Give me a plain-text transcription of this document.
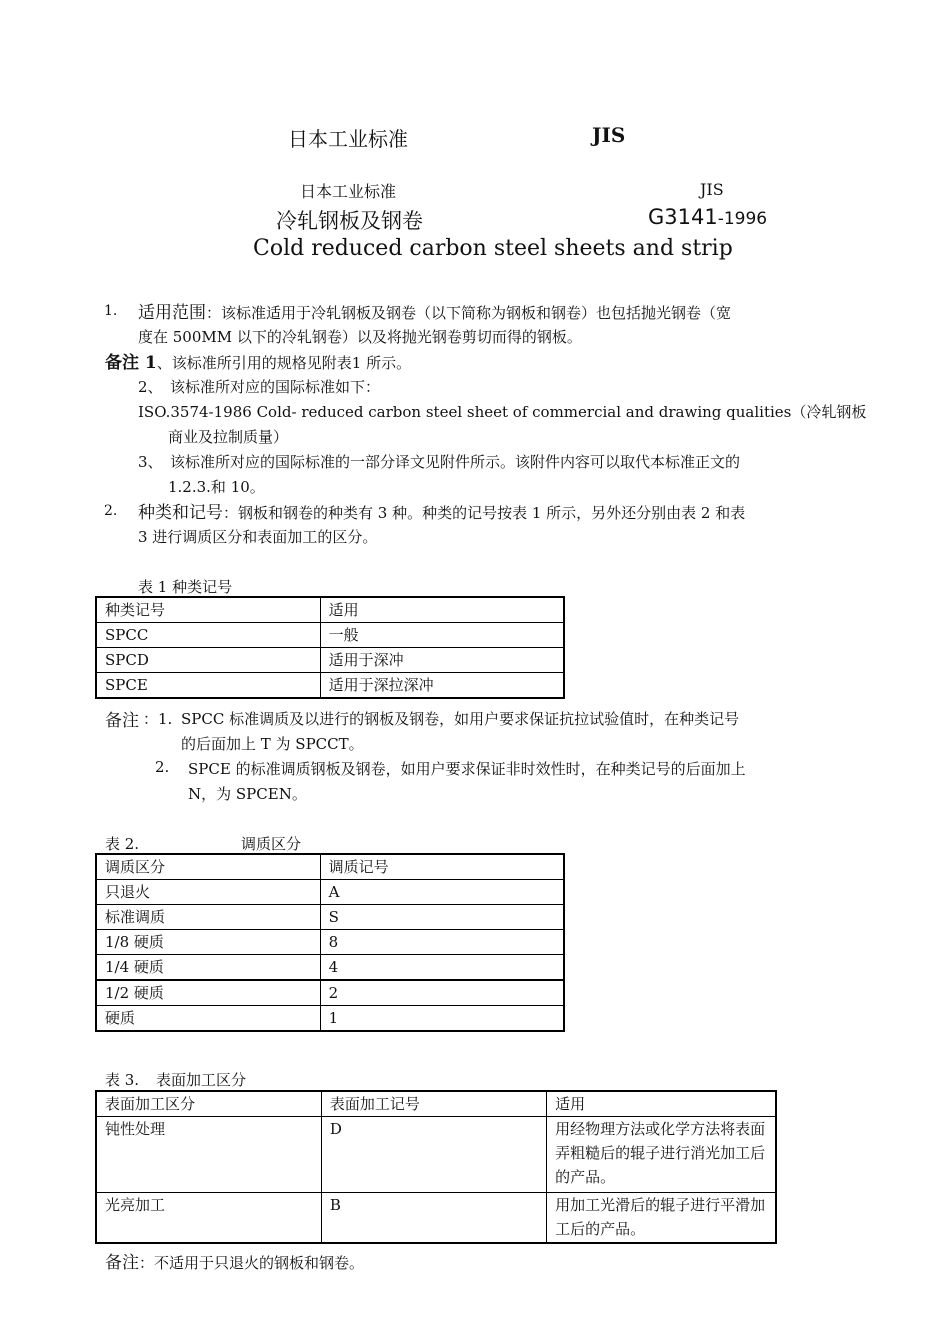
日本工业标准	JIS
日本工业标准	JIS
冷轧钢板及钢卷	G3141-1996
Cold reduced carbon steel sheets and strip
1. 适用范围：该标准适用于冷轧钢板及钢卷（以下简称为钢板和钢卷）也包括抛光钢卷（宽
度在 500MM 以下的冷轧钢卷）以及将抛光钢卷剪切而得的钢板。
备注 1、该标准所引用的规格见附表1 所示。
2、 该标准所对应的国际标准如下：
ISO.3574-1986 Cold- reduced carbon steel sheet of commercial and drawing qualities（冷轧钢板
商业及拉制质量）
3、 该标准所对应的国际标准的一部分译文见附件所示。该附件内容可以取代本标准正文的
1.2.3.和 10。
2. 种类和记号：钢板和钢卷的种类有 3 种。种类的记号按表 1 所示，另外还分别由表 2 和表
3 进行调质区分和表面加工的区分。
表 1 种类记号
种类记号	适用
SPCC	一般
SPCD	适用于深冲
SPCE	适用于深拉深冲
备注 ：1. SPCC 标准调质及以进行的钢板及钢卷，如用户要求保证抗拉试验值时，在种类记号
的后面加上 T 为 SPCCT。
2. SPCE 的标准调质钢板及钢卷，如用户要求保证非时效性时，在种类记号的后面加上
N，为 SPCEN。
表 2.	调质区分
调质区分	调质记号
只退火	A
标准调质	S
1/8 硬质	8
1/4 硬质	4
1/2 硬质	2
硬质	1
表 3. 表面加工区分
表面加工区分	表面加工记号	适用
钝性处理	D	用经物理方法或化学方法将表面弄粗糙后的辊子进行消光加工后的产品。
光亮加工	B	用加工光滑后的辊子进行平滑加工后的产品。
备注：不适用于只退火的钢板和钢卷。
